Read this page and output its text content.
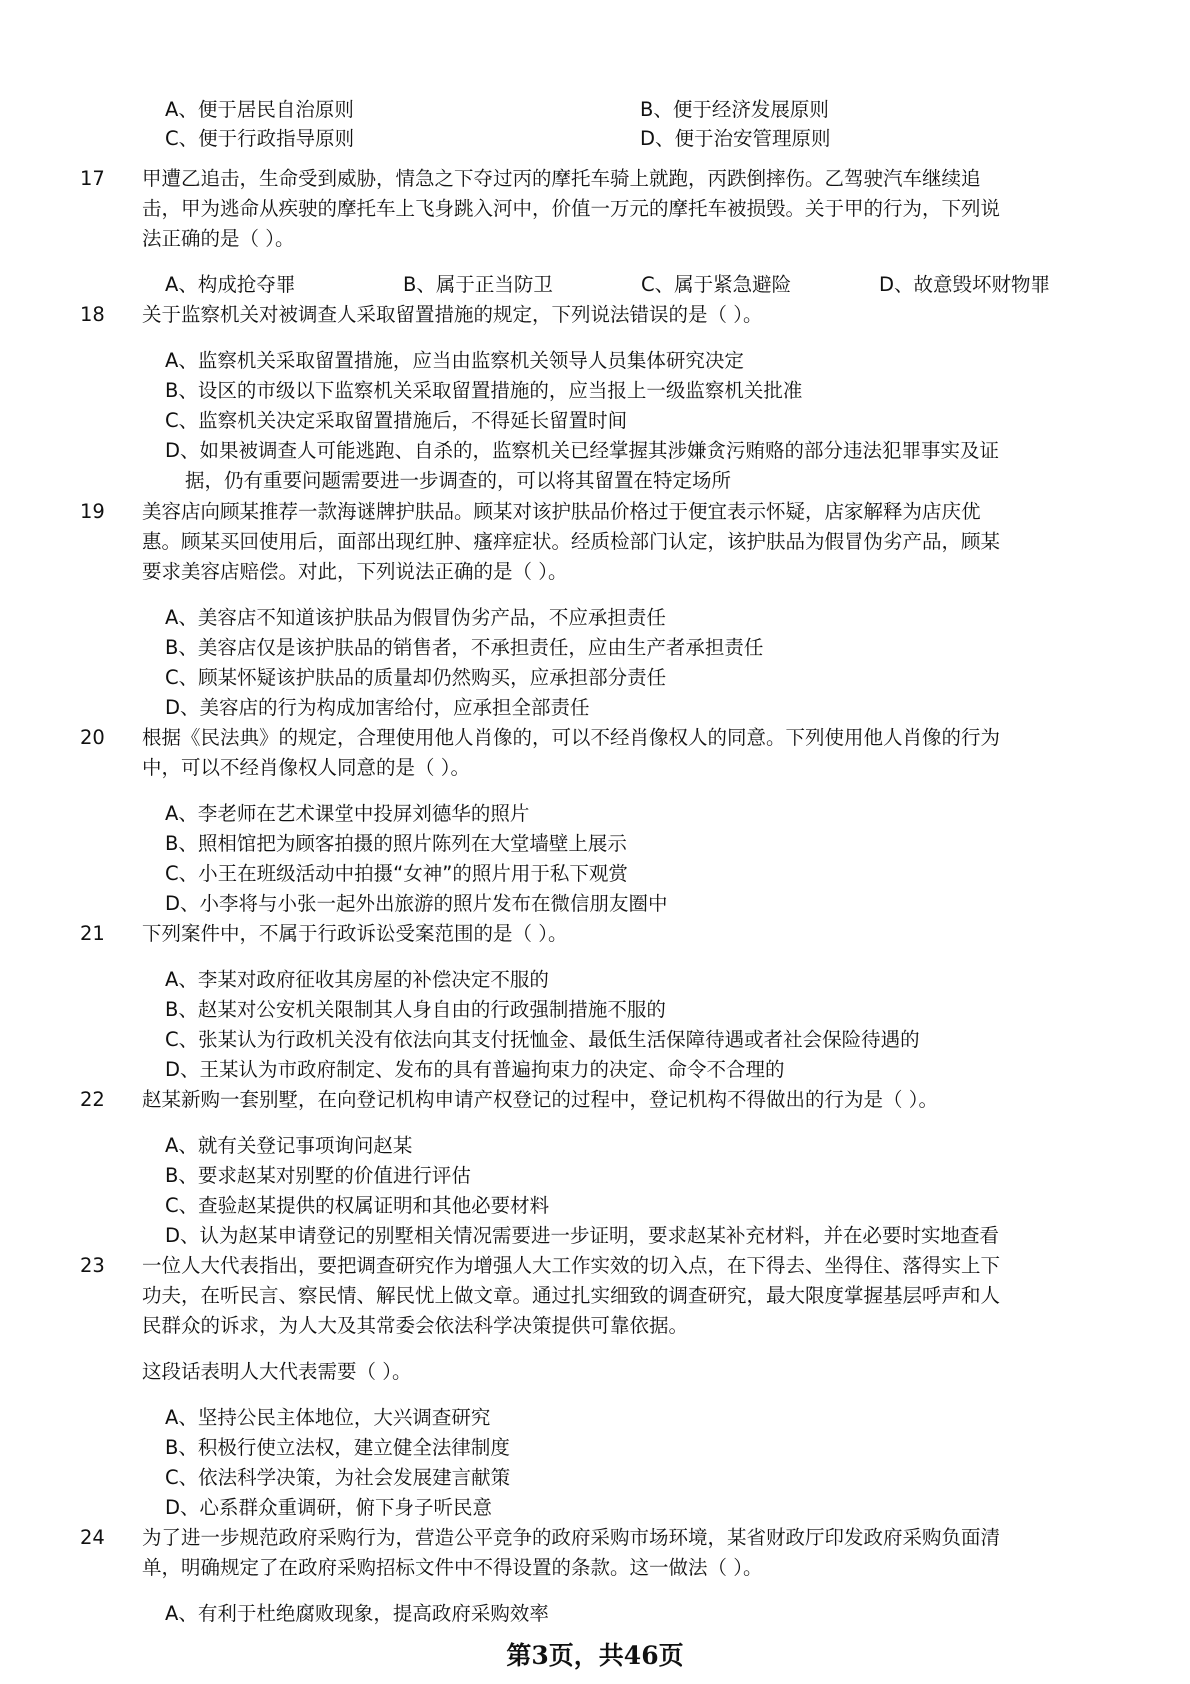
A、便于居民自治原则	B、便于经济发展原则
C、便于行政指导原则	D、便于治安管理原则
17 甲遭乙追击，生命受到威胁，情急之下夺过丙的摩托车骑上就跑，丙跌倒摔伤。乙驾驶汽车继续追
击，甲为逃命从疾驶的摩托车上飞身跳入河中，价值一万元的摩托车被损毁。关于甲的行为，下列说
法正确的是（ ）。
A、构成抢夺罪	B、属于正当防卫	C、属于紧急避险	D、故意毁坏财物罪
18 关于监察机关对被调查人采取留置措施的规定，下列说法错误的是（ ）。
A、监察机关采取留置措施，应当由监察机关领导人员集体研究决定
B、设区的市级以下监察机关采取留置措施的，应当报上一级监察机关批准
C、监察机关决定采取留置措施后，不得延长留置时间
D、如果被调查人可能逃跑、自杀的，监察机关已经掌握其涉嫌贪污贿赂的部分违法犯罪事实及证
据，仍有重要问题需要进一步调查的，可以将其留置在特定场所
19 美容店向顾某推荐一款海谜牌护肤品。顾某对该护肤品价格过于便宜表示怀疑，店家解释为店庆优
惠。顾某买回使用后，面部出现红肿、瘙痒症状。经质检部门认定，该护肤品为假冒伪劣产品，顾某
要求美容店赔偿。对此，下列说法正确的是（ ）。
A、美容店不知道该护肤品为假冒伪劣产品，不应承担责任
B、美容店仅是该护肤品的销售者，不承担责任，应由生产者承担责任
C、顾某怀疑该护肤品的质量却仍然购买，应承担部分责任
D、美容店的行为构成加害给付，应承担全部责任
20 根据《民法典》的规定，合理使用他人肖像的，可以不经肖像权人的同意。下列使用他人肖像的行为
中，可以不经肖像权人同意的是（ ）。
A、李老师在艺术课堂中投屏刘德华的照片
B、照相馆把为顾客拍摄的照片陈列在大堂墙壁上展示
C、小王在班级活动中拍摄“女神”的照片用于私下观赏
D、小李将与小张一起外出旅游的照片发布在微信朋友圈中
21 下列案件中，不属于行政诉讼受案范围的是（ ）。
A、李某对政府征收其房屋的补偿决定不服的
B、赵某对公安机关限制其人身自由的行政强制措施不服的
C、张某认为行政机关没有依法向其支付抚恤金、最低生活保障待遇或者社会保险待遇的
D、王某认为市政府制定、发布的具有普遍拘束力的决定、命令不合理的
22 赵某新购一套别墅，在向登记机构申请产权登记的过程中，登记机构不得做出的行为是（ ）。
A、就有关登记事项询问赵某
B、要求赵某对别墅的价值进行评估
C、查验赵某提供的权属证明和其他必要材料
D、认为赵某申请登记的别墅相关情况需要进一步证明，要求赵某补充材料，并在必要时实地查看
23 一位人大代表指出，要把调查研究作为增强人大工作实效的切入点，在下得去、坐得住、落得实上下
功夫，在听民言、察民情、解民忧上做文章。通过扎实细致的调查研究，最大限度掌握基层呼声和人
民群众的诉求，为人大及其常委会依法科学决策提供可靠依据。
这段话表明人大代表需要（ ）。
A、坚持公民主体地位，大兴调查研究
B、积极行使立法权，建立健全法律制度
C、依法科学决策，为社会发展建言献策
D、心系群众重调研，俯下身子听民意
24 为了进一步规范政府采购行为，营造公平竞争的政府采购市场环境，某省财政厅印发政府采购负面清
单，明确规定了在政府采购招标文件中不得设置的条款。这一做法（ ）。
A、有利于杜绝腐败现象，提高政府采购效率
第3页，共46页
